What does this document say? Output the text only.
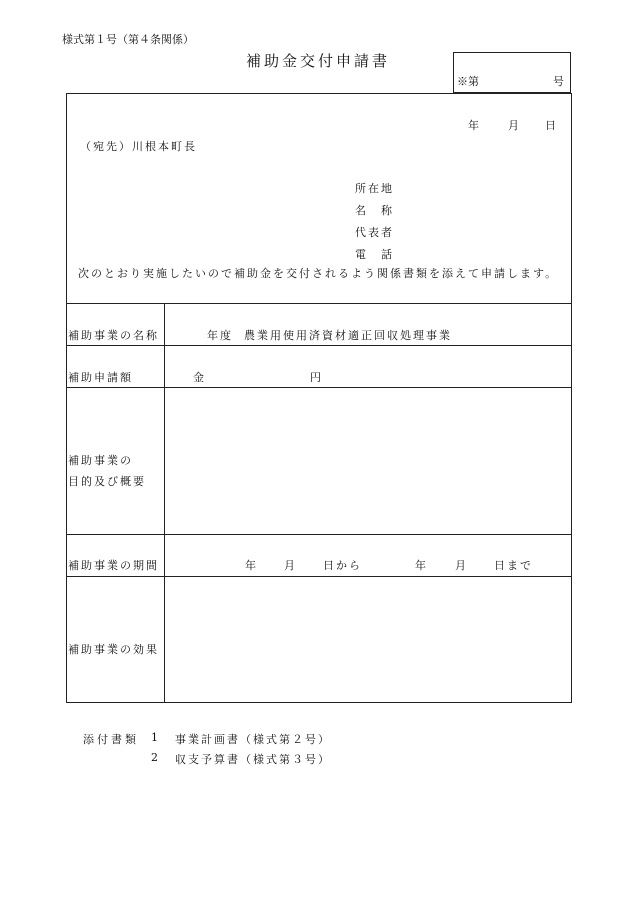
様式第１号（第４条関係）
補助金交付申請書
※第	号
年 月 日
（宛先）川根本町長
所在地
名　称
代表者
電　話
次のとおり実施したいので補助金を交付されるよう関係書類を添えて申請します。
補助事業の名称	年度 農業用使用済資材適正回収処理事業
補助申請額	金	円
補助事業の
目的及び概要
補助事業の期間	年	月	日から	年	月	日まで
補助事業の効果
添付書類 1 事業計画書（様式第２号）
2 収支予算書（様式第３号）
